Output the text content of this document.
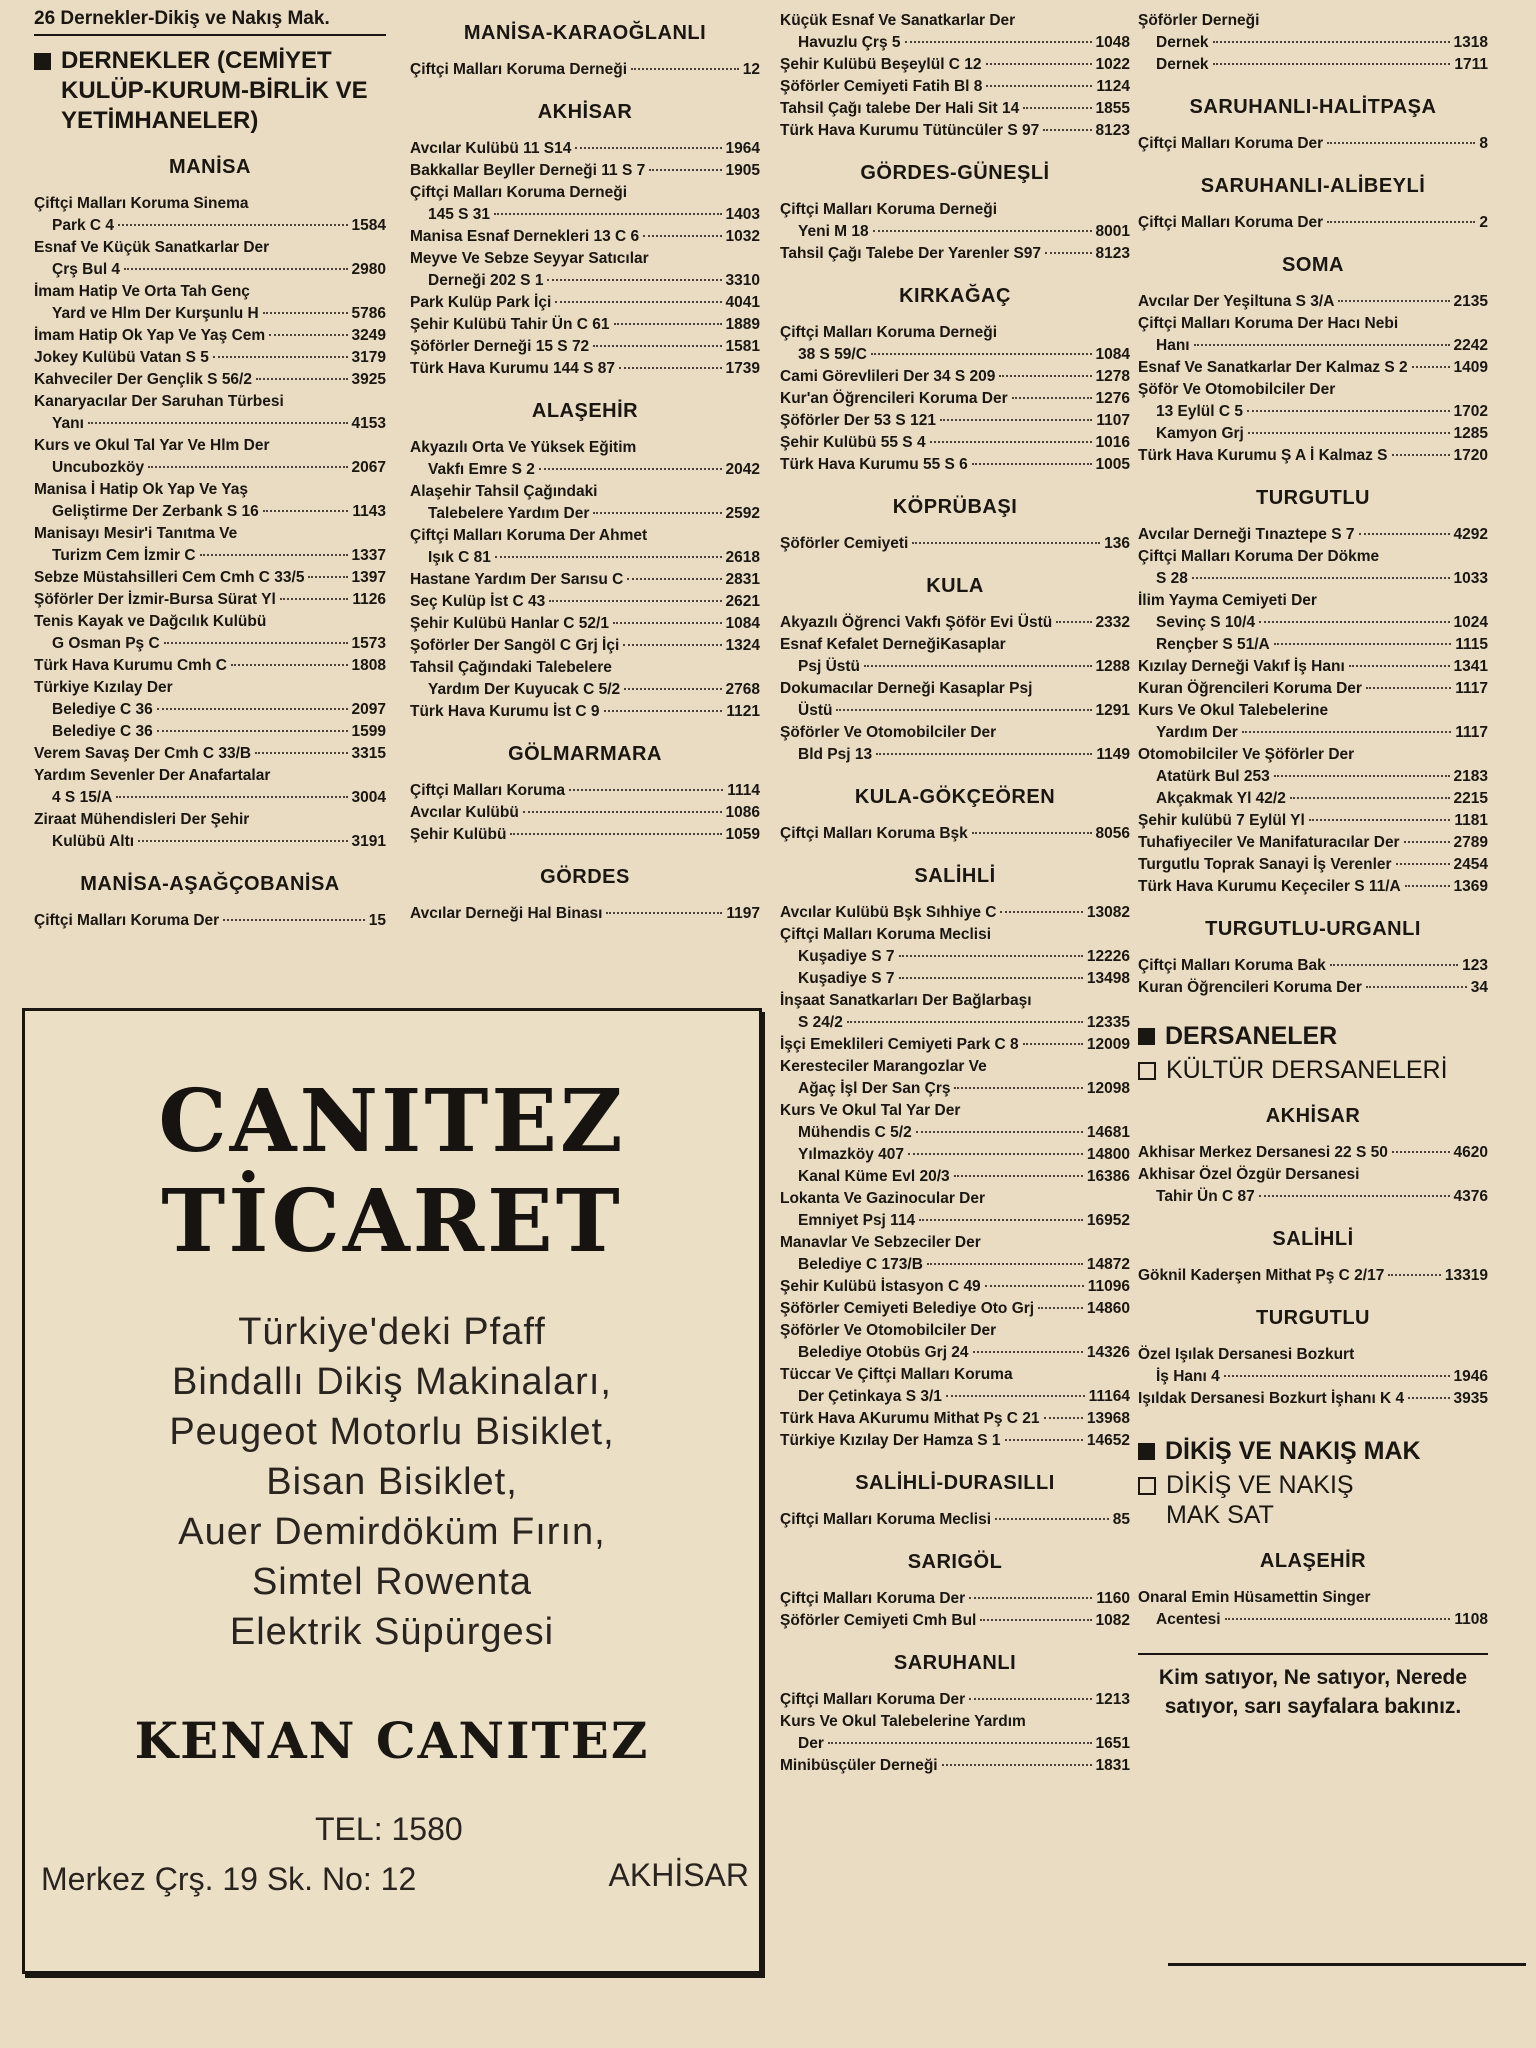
26 Dernekler-Dikiş ve Nakış Mak.
DERNEKLER (CEMİYET KULÜP-KURUM-BİRLİK VE YETİMHANELER)
MANİSA
Çiftçi Malları Koruma Sinema
Park C 4	1584
Esnaf Ve Küçük Sanatkarlar Der
Çrş Bul 4	2980
İmam Hatip Ve Orta Tah Genç
Yard ve Hlm Der Kurşunlu H	5786
İmam Hatip Ok Yap Ve Yaş Cem	3249
Jokey Kulübü Vatan S 5	3179
Kahveciler Der Gençlik S 56/2	3925
Kanaryacılar Der Saruhan Türbesi
Yanı	4153
Kurs ve Okul Tal Yar Ve Hlm Der
Uncubozköy	2067
Manisa İ Hatip Ok Yap Ve Yaş
Geliştirme Der Zerbank S 16	1143
Manisayı Mesir'i Tanıtma Ve
Turizm Cem İzmir C	1337
Sebze Müstahsilleri Cem Cmh C 33/5	1397
Şöförler Der İzmir-Bursa Sürat Yl	1126
Tenis Kayak ve Dağcılık Kulübü
G Osman Pş C	1573
Türk Hava Kurumu Cmh C	1808
Türkiye Kızılay Der
Belediye C 36	2097
Belediye C 36	1599
Verem Savaş Der Cmh C 33/B	3315
Yardım Sevenler Der Anafartalar
4 S 15/A	3004
Ziraat Mühendisleri Der Şehir
Kulübü Altı	3191
MANİSA-AŞAĞÇOBANİSA
Çiftçi Malları Koruma Der	15
MANİSA-KARAOĞLANLI
Çiftçi Malları Koruma Derneği	12
AKHİSAR
Avcılar Kulübü 11 S14	1964
Bakkallar Beyller Derneği 11 S 7	1905
Çiftçi Malları Koruma Derneği
145 S 31	1403
Manisa Esnaf Dernekleri 13 C 6	1032
Meyve Ve Sebze Seyyar Satıcılar
Derneği 202 S 1	3310
Park Kulüp Park İçi	4041
Şehir Kulübü Tahir Ün C 61	1889
Şöförler Derneği 15 S 72	1581
Türk Hava Kurumu 144 S 87	1739
ALAŞEHİR
Akyazılı Orta Ve Yüksek Eğitim
Vakfı Emre S 2	2042
Alaşehir Tahsil Çağındaki
Talebelere Yardım Der	2592
Çiftçi Malları Koruma Der Ahmet
Işık C 81	2618
Hastane Yardım Der Sarısu C	2831
Seç Kulüp İst C 43	2621
Şehir Kulübü Hanlar C 52/1	1084
Şoförler Der Sangöl C Grj İçi	1324
Tahsil Çağındaki Talebelere
Yardım Der Kuyucak C 5/2	2768
Türk Hava Kurumu İst C 9	1121
GÖLMARMARA
Çiftçi Malları Koruma	1114
Avcılar Kulübü	1086
Şehir Kulübü	1059
GÖRDES
Avcılar Derneği Hal Binası	1197
Küçük Esnaf Ve Sanatkarlar Der
Havuzlu Çrş 5	1048
Şehir Kulübü Beşeylül C 12	1022
Şöförler Cemiyeti Fatih Bl 8	1124
Tahsil Çağı talebe Der Hali Sit 14	1855
Türk Hava Kurumu Tütüncüler S 97	8123
GÖRDES-GÜNEŞLİ
Çiftçi Malları Koruma Derneği
Yeni M 18	8001
Tahsil Çağı Talebe Der Yarenler S97	8123
KIRKAĞAÇ
Çiftçi Malları Koruma Derneği
38 S 59/C	1084
Cami Görevlileri Der 34 S 209	1278
Kur'an Öğrencileri Koruma Der	1276
Şöförler Der 53 S 121	1107
Şehir Kulübü 55 S 4	1016
Türk Hava Kurumu 55 S 6	1005
KÖPRÜBAŞI
Şöförler Cemiyeti	136
KULA
Akyazılı Öğrenci Vakfı Şöför Evi Üstü	2332
Esnaf Kefalet DerneğiKasaplar
Psj Üstü	1288
Dokumacılar Derneği Kasaplar Psj
Üstü	1291
Şöförler Ve Otomobilciler Der
Bld Psj 13	1149
KULA-GÖKÇEÖREN
Çiftçi Malları Koruma Bşk	8056
SALİHLİ
Avcılar Kulübü Bşk Sıhhiye C	13082
Çiftçi Malları Koruma Meclisi
Kuşadiye S 7	12226
Kuşadiye S 7	13498
İnşaat Sanatkarları Der Bağlarbaşı
S 24/2	12335
İşçi Emeklileri Cemiyeti Park C 8	12009
Kerestеciler Marangozlar Ve
Ağaç İşl Der San Çrş	12098
Kurs Ve Okul Tal Yar Der
Mühendis C 5/2	14681
Yılmazköy 407	14800
Kanal Küme Evl 20/3	16386
Lokanta Ve Gazinocular Der
Emniyet Psj 114	16952
Manavlar Ve Sebzeciler Der
Belediye C 173/B	14872
Şehir Kulübü İstasyon C 49	11096
Şöförler Cemiyeti Belediye Oto Grj	14860
Şöförler Ve Otomobilciler Der
Belediye Otobüs Grj 24	14326
Tüccar Ve Çiftçi Malları Koruma
Der Çetinkaya S 3/1	11164
Türk Hava AKurumu Mithat Pş C 21	13968
Türkiye Kızılay Der Hamza S 1	14652
SALİHLİ-DURASILLI
Çiftçi Malları Koruma Meclisi	85
SARIGÖL
Çiftçi Malları Koruma Der	1160
Şöförler Cemiyeti Cmh Bul	1082
SARUHANLI
Çiftçi Malları Koruma Der	1213
Kurs Ve Okul Talebelerine Yardım
Der	1651
Minibüsçüler Derneği	1831
Şöförler Derneği
Dernek	1318
Dernek	1711
SARUHANLI-HALİTPAŞA
Çiftçi Malları Koruma Der	8
SARUHANLI-ALİBEYLİ
Çiftçi Malları Koruma Der	2
SOMA
Avcılar Der Yeşiltuna S 3/A	2135
Çiftçi Malları Koruma Der Hacı Nebi
Hanı	2242
Esnaf Ve Sanatkarlar Der Kalmaz S 2	1409
Şöför Ve Otomobilciler Der
13 Eylül C 5	1702
Kamyon Grj	1285
Türk Hava Kurumu Ş A İ Kalmaz S	1720
TURGUTLU
Avcılar Derneği Tınaztepe S 7	4292
Çiftçi Malları Koruma Der Dökme
S 28	1033
İlim Yayma Cemiyeti Der
Sevinç S 10/4	1024
Rençber S 51/A	1115
Kızılay Derneği Vakıf İş Hanı	1341
Kuran Öğrencileri Koruma Der	1117
Kurs Ve Okul Talebelerine
Yardım Der	1117
Otomobilciler Ve Şöförler Der
Atatürk Bul 253	2183
Akçakmak Yl 42/2	2215
Şehir kulübü 7 Eylül Yl	1181
Tuhafiyeciler Ve Manifaturacılar Der	2789
Turgutlu Toprak Sanayi İş Verenler	2454
Türk Hava Kurumu Keçeciler S 11/A	1369
TURGUTLU-URGANLI
Çiftçi Malları Koruma Bak	123
Kuran Öğrencileri Koruma Der	34
DERSANELER
KÜLTÜR DERSANELERİ
AKHİSAR
Akhisar Merkez Dersanesi 22 S 50	4620
Akhisar Özel Özgür Dersanesi
Tahir Ün C 87	4376
SALİHLİ
Göknil Kaderşen Mithat Pş C 2/17	13319
TURGUTLU
Özel Işılak Dersanesi Bozkurt
İş Hanı 4	1946
Işıldak Dersanesi Bozkurt İşhanı K 4	3935
DİKİŞ VE NAKIŞ MAK
DİKİŞ VE NAKIŞ MAK SAT
ALAŞEHİR
Onaral Emin Hüsamettin Singer
Acentesi	1108
Kim satıyor, Ne satıyor, Nerede satıyor, sarı sayfalara bakınız.
CANITEZ
TİCARET
Türkiye'deki Pfaff
Bindallı Dikiş Makinaları,
Peugeot Motorlu Bisiklet,
Bisan Bisiklet,
Auer Demirdöküm Fırın,
Simtel Rowenta
Elektrik Süpürgesi
KENAN CANITEZ
TEL: 1580
Merkez Çrş. 19 Sk. No: 12	AKHİSAR
